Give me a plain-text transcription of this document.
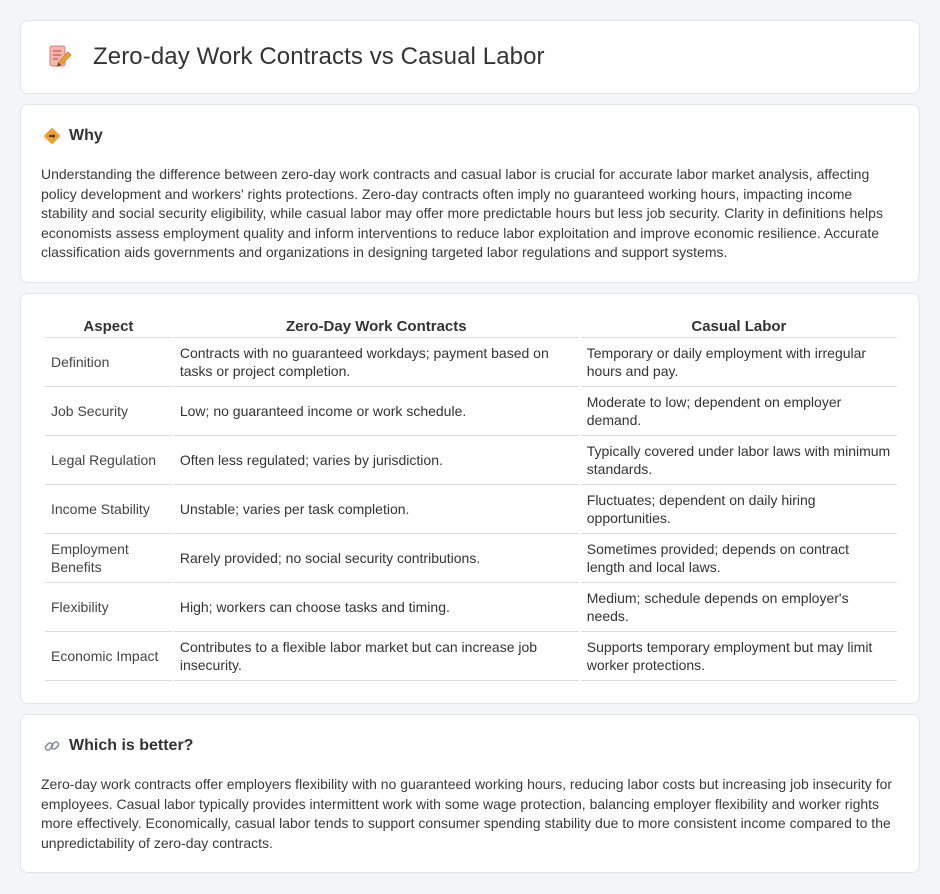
Zero-day Work Contracts vs Casual Labor
Why

Understanding the difference between zero-day work contracts and casual labor is crucial for accurate labor market analysis, affecting policy development and workers' rights protections. Zero-day contracts often imply no guaranteed working hours, impacting income stability and social security eligibility, while casual labor may offer more predictable hours but less job security. Clarity in definitions helps economists assess employment quality and inform interventions to reduce labor exploitation and improve economic resilience. Accurate classification aids governments and organizations in designing targeted labor regulations and support systems.

Aspect	Zero-Day Work Contracts	Casual Labor
Definition	Contracts with no guaranteed workdays; payment based on tasks or project completion.	Temporary or daily employment with irregular hours and pay.
Job Security	Low; no guaranteed income or work schedule.	Moderate to low; dependent on employer demand.
Legal Regulation	Often less regulated; varies by jurisdiction.	Typically covered under labor laws with minimum standards.
Income Stability	Unstable; varies per task completion.	Fluctuates; dependent on daily hiring opportunities.
Employment Benefits	Rarely provided; no social security contributions.	Sometimes provided; depends on contract length and local laws.
Flexibility	High; workers can choose tasks and timing.	Medium; schedule depends on employer's needs.
Economic Impact	Contributes to a flexible labor market but can increase job insecurity.	Supports temporary employment but may limit worker protections.
Which is better?

Zero-day work contracts offer employers flexibility with no guaranteed working hours, reducing labor costs but increasing job insecurity for employees. Casual labor typically provides intermittent work with some wage protection, balancing employer flexibility and worker rights more effectively. Economically, casual labor tends to support consumer spending stability due to more consistent income compared to the unpredictability of zero-day contracts.
